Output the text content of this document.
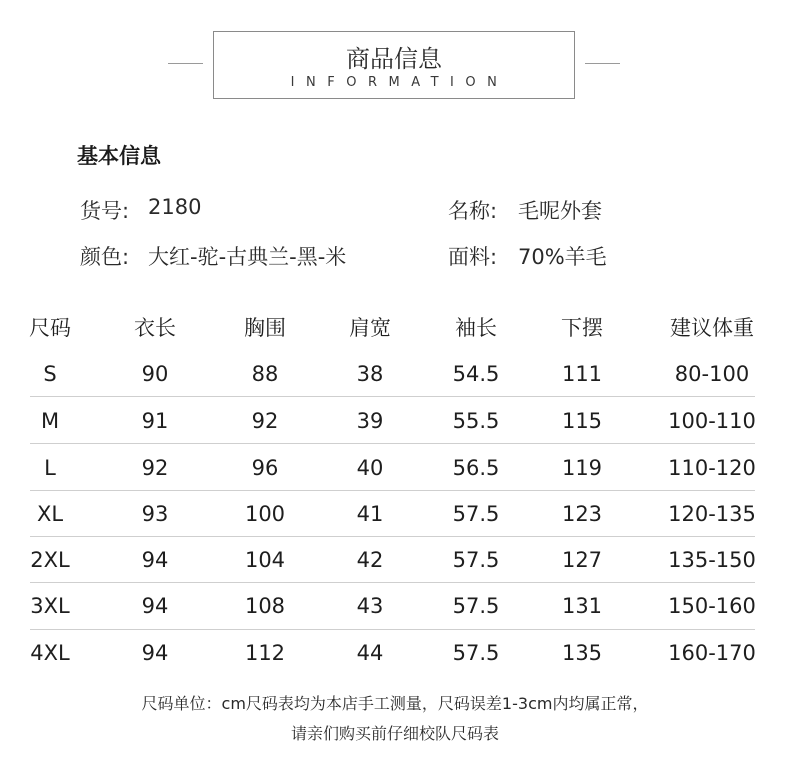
商品信息
INFORMATION
基本信息
货号: 2180	名称: 毛呢外套
颜色: 大红-驼-古典兰-黑-米	面料: 70%羊毛
尺码	衣长	胸围	肩宽	袖长	下摆	建议体重
S	90	88	38	54.5	111	80-100
M	91	92	39	55.5	115	100-110
L	92	96	40	56.5	119	110-120
XL	93	100	41	57.5	123	120-135
2XL	94	104	42	57.5	127	135-150
3XL	94	108	43	57.5	131	150-160
4XL	94	112	44	57.5	135	160-170
尺码单位：cm尺码表均为本店手工测量，尺码误差1-3cm内均属正常，
请亲们购买前仔细校队尺码表
